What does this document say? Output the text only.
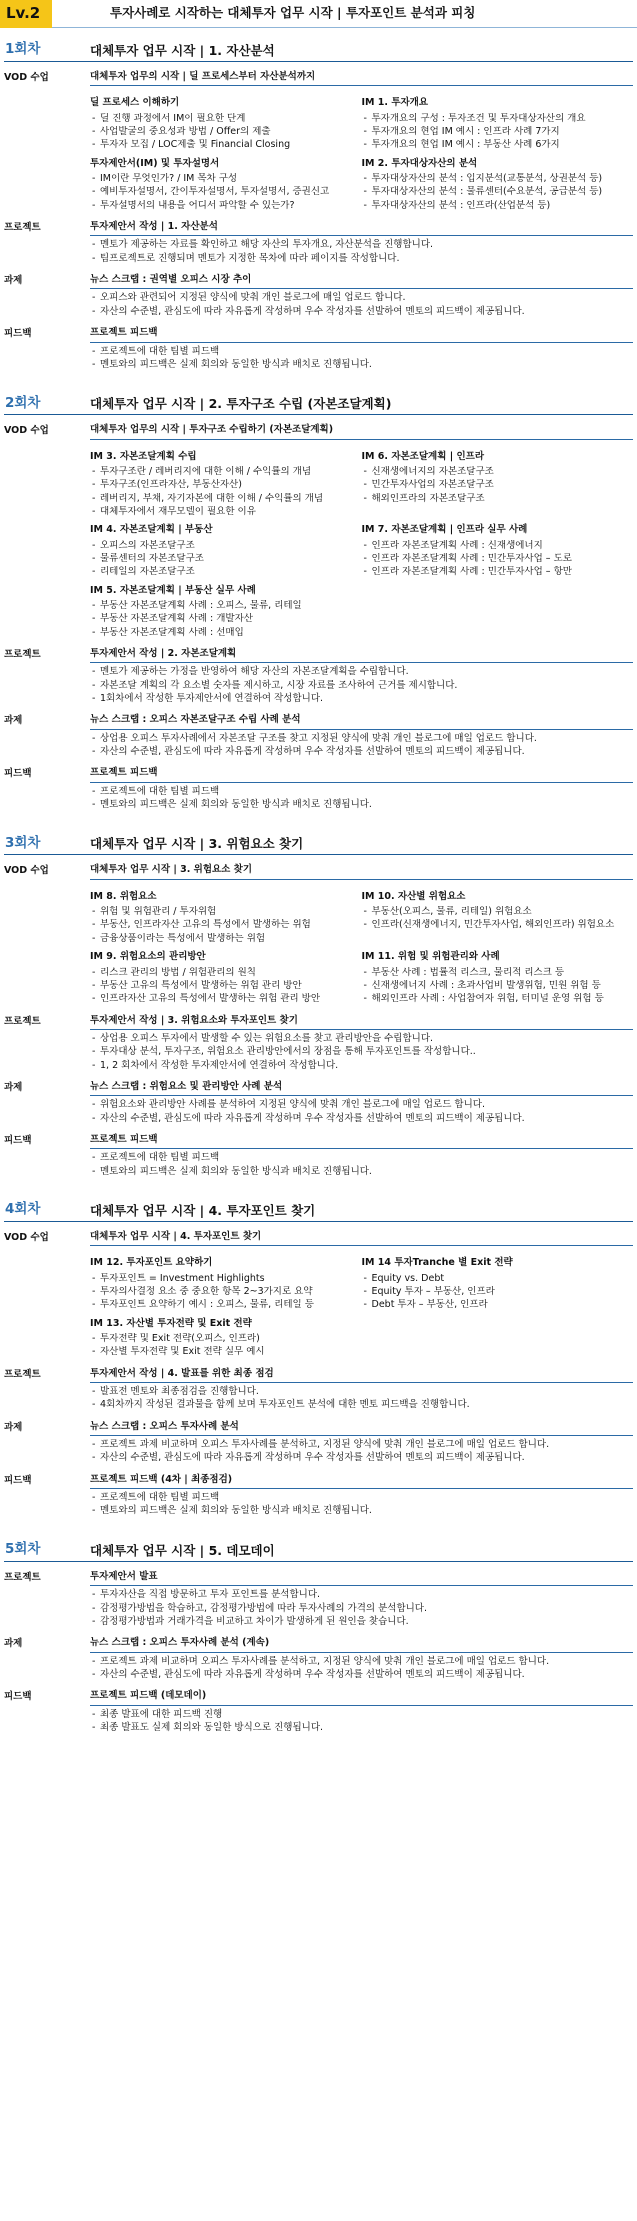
Lv.2	투자사례로 시작하는 대체투자 업무 시작 | 투자포인트 분석과 피칭
1회차	대체투자 업무 시작 | 1. 자산분석
VOD 수업	대체투자 업무의 시작 | 딜 프로세스부터 자산분석까지
딜 프로세스 이해하기
- 딜 진행 과정에서 IM이 필요한 단계
- 사업발굴의 중요성과 방법 / Offer의 제출
- 투자자 모집 / LOC제출 및 Financial Closing
IM 1. 투자개요
- 투자개요의 구성 : 투자조건 및 투자대상자산의 개요
- 투자개요의 현업 IM 예시 : 인프라 사례 7가지
- 투자개요의 현업 IM 예시 : 부동산 사례 6가지
투자제안서(IM) 및 투자설명서
- IM이란 무엇인가? / IM 목차 구성
- 예비투자설명서, 간이투자설명서, 투자설명서, 증권신고
- 투자설명서의 내용을 어디서 파악할 수 있는가?
IM 2. 투자대상자산의 분석
- 투자대상자산의 분석 : 입지분석(교통분석, 상권분석 등)
- 투자대상자산의 분석 : 물류센터(수요분석, 공급분석 등)
- 투자대상자산의 분석 : 인프라(산업분석 등)
프로젝트	투자제안서 작성 | 1. 자산분석
- 멘토가 제공하는 자료를 확인하고 해당 자산의 투자개요, 자산분석을 진행합니다.
- 팀프로젝트로 진행되며 멘토가 지정한 목차에 따라 페이지를 작성합니다.
과제	뉴스 스크랩 : 권역별 오피스 시장 추이
- 오피스와 관련되어 지정된 양식에 맞춰 개인 블로그에 매일 업로드 합니다.
- 자산의 수준별, 관심도에 따라 자유롭게 작성하며 우수 작성자를 선발하여 멘토의 피드백이 제공됩니다.
피드백	프로젝트 피드백
- 프로젝트에 대한 팀별 피드백
- 멘토와의 피드백은 실제 회의와 동일한 방식과 배치로 진행됩니다.
2회차	대체투자 업무 시작 | 2. 투자구조 수립 (자본조달계획)
VOD 수업	대체투자 업무의 시작 | 투자구조 수립하기 (자본조달계획)
IM 3. 자본조달계획 수립
- 투자구조란 / 레버리지에 대한 이해 / 수익률의 개념
- 투자구조(인프라자산, 부동산자산)
- 레버리지, 부채, 자기자본에 대한 이해 / 수익률의 개념
- 대체투자에서 재무모델이 필요한 이유
IM 6. 자본조달계획 | 인프라
- 신재생에너지의 자본조달구조
- 민간투자사업의 자본조달구조
- 해외인프라의 자본조달구조
IM 4. 자본조달계획 | 부동산
- 오피스의 자본조달구조
- 물류센터의 자본조달구조
- 리테일의 자본조달구조
IM 7. 자본조달계획 | 인프라 실무 사례
- 인프라 자본조달계획 사례 : 신재생에너지
- 인프라 자본조달계획 사례 : 민간투자사업 – 도로
- 인프라 자본조달계획 사례 : 민간투자사업 – 항만
IM 5. 자본조달계획 | 부동산 실무 사례
- 부동산 자본조달계획 사례 : 오피스, 물류, 리테일
- 부동산 자본조달계획 사례 : 개발자산
- 부동산 자본조달계획 사례 : 선매입
프로젝트	투자제안서 작성 | 2. 자본조달계획
- 멘토가 제공하는 가정을 반영하여 해당 자산의 자본조달계획을 수립합니다.
- 자본조달 계획의 각 요소별 숫자를 제시하고, 시장 자료를 조사하여 근거를 제시합니다.
- 1회차에서 작성한 투자제안서에 연결하여 작성합니다.
과제	뉴스 스크랩 : 오피스 자본조달구조 수립 사례 분석
- 상업용 오피스 투자사례에서 자본조달 구조를 찾고 지정된 양식에 맞춰 개인 블로그에 매일 업로드 합니다.
- 자산의 수준별, 관심도에 따라 자유롭게 작성하며 우수 작성자를 선발하여 멘토의 피드백이 제공됩니다.
피드백	프로젝트 피드백
- 프로젝트에 대한 팀별 피드백
- 멘토와의 피드백은 실제 회의와 동일한 방식과 배치로 진행됩니다.
3회차	대체투자 업무 시작 | 3. 위험요소 찾기
VOD 수업	대체투자 업무 시작 | 3. 위험요소 찾기
IM 8. 위험요소
- 위험 및 위험관리 / 투자위험
- 부동산, 인프라자산 고유의 특성에서 발생하는 위험
- 금융상품이라는 특성에서 발생하는 위험
IM 10. 자산별 위험요소
- 부동산(오피스, 물류, 리테일) 위험요소
- 인프라(신재생에너지, 민간투자사업, 해외인프라) 위험요소
IM 9. 위험요소의 관리방안
- 리스크 관리의 방법 / 위험관리의 원칙
- 부동산 고유의 특성에서 발생하는 위험 관리 방안
- 인프라자산 고유의 특성에서 발생하는 위험 관리 방안
IM 11. 위험 및 위험관리와 사례
- 부동산 사례 : 법률적 리스크, 물리적 리스크 등
- 신재생에너지 사례 : 초과사업비 발생위험, 민원 위험 등
- 해외인프라 사례 : 사업참여자 위험, 터미널 운영 위험 등
프로젝트	투자제안서 작성 | 3. 위험요소와 투자포인트 찾기
- 상업용 오피스 투자에서 발생할 수 있는 위험요소를 찾고 관리방안을 수립합니다.
- 투자대상 분석, 투자구조, 위험요소 관리방안에서의 장점을 통해 투자포인트를 작성합니다..
- 1, 2 회차에서 작성한 투자제안서에 연결하여 작성합니다.
과제	뉴스 스크랩 : 위험요소 및 관리방안 사례 분석
- 위험요소와 관리방안 사례를 분석하여 지정된 양식에 맞춰 개인 블로그에 매일 업로드 합니다.
- 자산의 수준별, 관심도에 따라 자유롭게 작성하며 우수 작성자를 선발하여 멘토의 피드백이 제공됩니다.
피드백	프로젝트 피드백
- 프로젝트에 대한 팀별 피드백
- 멘토와의 피드백은 실제 회의와 동일한 방식과 배치로 진행됩니다.
4회차	대체투자 업무 시작 | 4. 투자포인트 찾기
VOD 수업	대체투자 업무 시작 | 4. 투자포인트 찾기
IM 12. 투자포인트 요약하기
- 투자포인트 = Investment Highlights
- 투자의사결정 요소 중 중요한 항목 2~3가지로 요약
- 투자포인트 요약하기 예시 : 오피스, 물류, 리테일 등
IM 14 투자Tranche 별 Exit 전략
- Equity vs. Debt
- Equity 투자 – 부동산, 인프라
- Debt 투자 – 부동산, 인프라
IM 13. 자산별 투자전략 및 Exit 전략
- 투자전략 및 Exit 전략(오피스, 인프라)
- 자산별 투자전략 및 Exit 전략 실무 예시
프로젝트	투자제안서 작성 | 4. 발표를 위한 최종 점검
- 발표전 멘토와 최종점검을 진행합니다.
- 4회차까지 작성된 결과물을 함께 보며 투자포인트 분석에 대한 멘토 피드백을 진행합니다.
과제	뉴스 스크랩 : 오피스 투자사례 분석
- 프로젝트 과제 비교하며 오피스 투자사례를 분석하고, 지정된 양식에 맞춰 개인 블로그에 매일 업로드 합니다.
- 자산의 수준별, 관심도에 따라 자유롭게 작성하며 우수 작성자를 선발하여 멘토의 피드백이 제공됩니다.
피드백	프로젝트 피드백 (4차 | 최종점검)
- 프로젝트에 대한 팀별 피드백
- 멘토와의 피드백은 실제 회의와 동일한 방식과 배치로 진행됩니다.
5회차	대체투자 업무 시작 | 5. 데모데이
프로젝트	투자제안서 발표
- 투자자산을 직접 방문하고 투자 포인트를 분석합니다.
- 감정평가방법을 학습하고, 감정평가방법에 따라 투자사례의 가격의 분석합니다.
- 감정평가방법과 거래가격을 비교하고 차이가 발생하게 된 원인을 찾습니다.
과제	뉴스 스크랩 : 오피스 투자사례 분석 (계속)
- 프로젝트 과제 비교하며 오피스 투자사례를 분석하고, 지정된 양식에 맞춰 개인 블로그에 매일 업로드 합니다.
- 자산의 수준별, 관심도에 따라 자유롭게 작성하며 우수 작성자를 선발하여 멘토의 피드백이 제공됩니다.
피드백	프로젝트 피드백 (데모데이)
- 최종 발표에 대한 피드백 진행
- 최종 발표도 실제 회의와 동일한 방식으로 진행됩니다.
